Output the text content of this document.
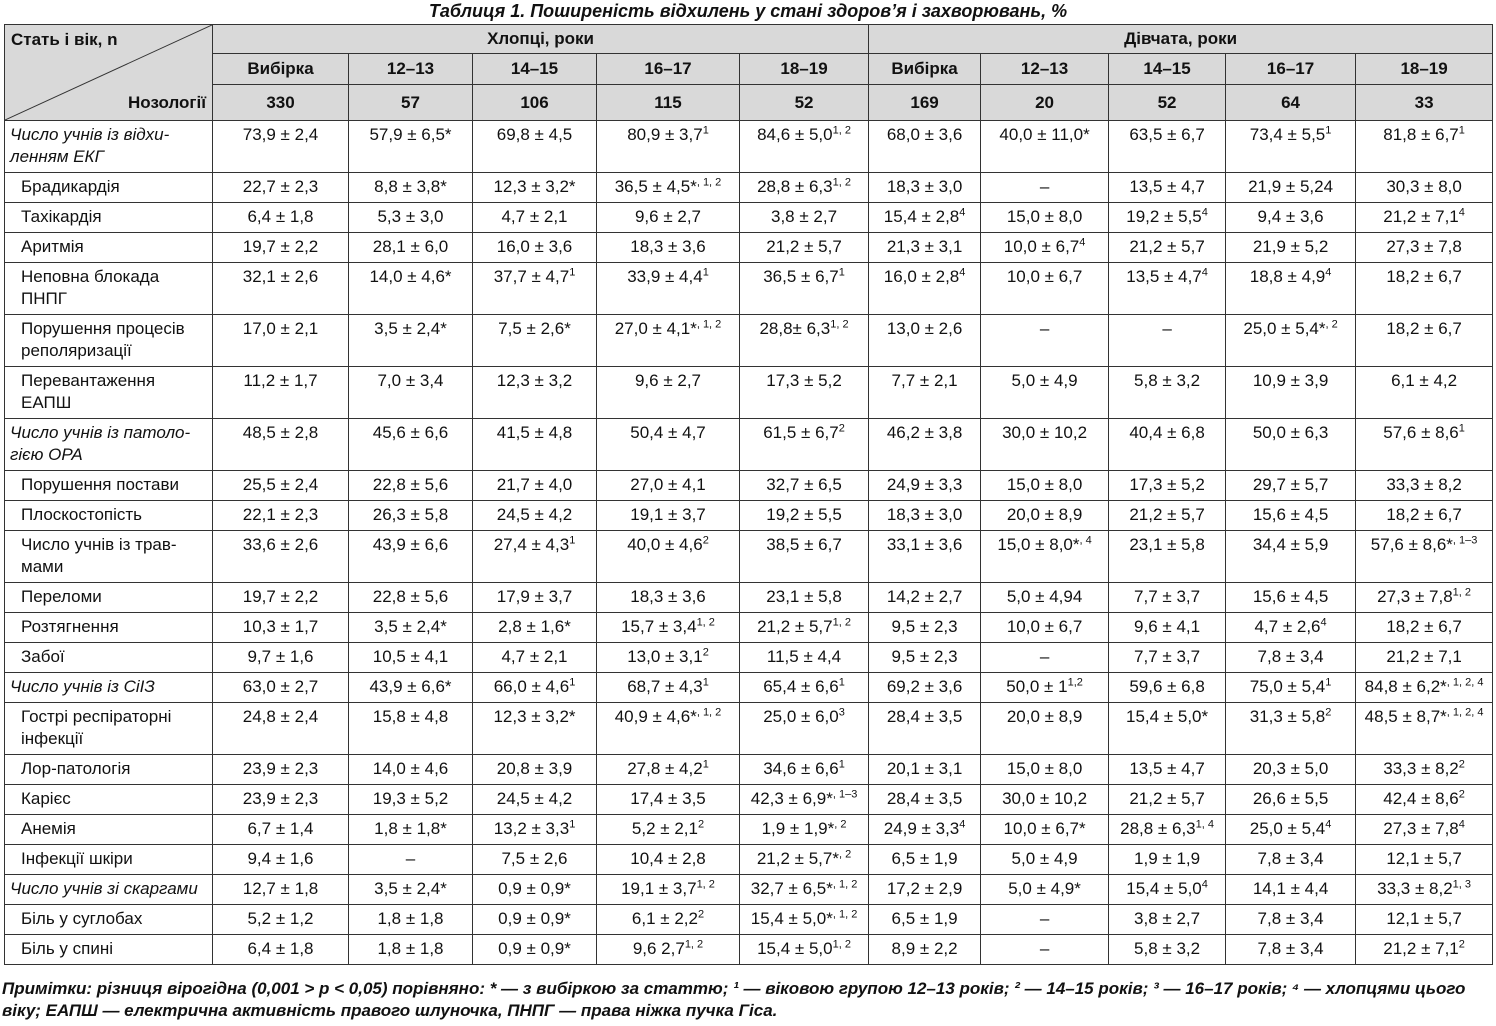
Таблиця 1. Поширеність відхилень у стані здоров’я і захворювань, %
Стать і вік, n
Нозології	Хлопці, роки					Дівчата, роки				
	Вибірка	12–13	14–15	16–17	18–19	Вибірка	12–13	14–15	16–17	18–19
	330	57	106	115	52	169	20	52	64	33
Число учнів із відхи-
ленням ЕКГ	73,9 ± 2,4	57,9 ± 6,5*	69,8 ± 4,5	$80,9 \pm 3,7^1$	$84,6 \pm 5,0^{1, 2}$	68,0 ± 3,6	40,0 ± 11,0*	63,5 ± 6,7	$73,4 \pm 5,5^1$	$81,8 \pm 6,7^1$
Брадикардія	22,7 ± 2,3	8,8 ± 3,8*	12,3 ± 3,2*	36,5 ± 4,5*$^{, 1, 2}$	$28,8 \pm 6,3^{1, 2}$	18,3 ± 3,0	–	13,5 ± 4,7	21,9 ± 5,24	30,3 ± 8,0
Тахікардія	6,4 ± 1,8	5,3 ± 3,0	4,7 ± 2,1	9,6 ± 2,7	3,8 ± 2,7	$15,4 \pm 2,8^4$	15,0 ± 8,0	$19,2 \pm 5,5^4$	9,4 ± 3,6	$21,2 \pm 7,1^4$
Аритмія	19,7 ± 2,2	28,1 ± 6,0	16,0 ± 3,6	18,3 ± 3,6	21,2 ± 5,7	21,3 ± 3,1	$10,0 \pm 6,7^4$	21,2 ± 5,7	21,9 ± 5,2	27,3 ± 7,8
Неповна блокада
ПНПГ	32,1 ± 2,6	14,0 ± 4,6*	$37,7 \pm 4,7^1$	$33,9 \pm 4,4^1$	$36,5 \pm 6,7^1$	$16,0 \pm 2,8^4$	10,0 ± 6,7	$13,5 \pm 4,7^4$	$18,8 \pm 4,9^4$	18,2 ± 6,7
Порушення процесів
реполяризації	17,0 ± 2,1	3,5 ± 2,4*	7,5 ± 2,6*	27,0 ± 4,1*$^{, 1, 2}$	$28,8\pm 6,3^{1, 2}$	13,0 ± 2,6	–	–	25,0 ± 5,4*$^{, 2}$	18,2 ± 6,7
Перевантаження
ЕАПШ	11,2 ± 1,7	7,0 ± 3,4	12,3 ± 3,2	9,6 ± 2,7	17,3 ± 5,2	7,7 ± 2,1	5,0 ± 4,9	5,8 ± 3,2	10,9 ± 3,9	6,1 ± 4,2
Число учнів із патоло-
гією ОРА	48,5 ± 2,8	45,6 ± 6,6	41,5 ± 4,8	50,4 ± 4,7	$61,5 \pm 6,7^2$	46,2 ± 3,8	30,0 ± 10,2	40,4 ± 6,8	50,0 ± 6,3	$57,6 \pm 8,6^1$
Порушення постави	25,5 ± 2,4	22,8 ± 5,6	21,7 ± 4,0	27,0 ± 4,1	32,7 ± 6,5	24,9 ± 3,3	15,0 ± 8,0	17,3 ± 5,2	29,7 ± 5,7	33,3 ± 8,2
Плоскостопість	22,1 ± 2,3	26,3 ± 5,8	24,5 ± 4,2	19,1 ± 3,7	19,2 ± 5,5	18,3 ± 3,0	20,0 ± 8,9	21,2 ± 5,7	15,6 ± 4,5	18,2 ± 6,7
Число учнів із трав-
мами	33,6 ± 2,6	43,9 ± 6,6	$27,4 \pm 4,3^1$	$40,0 \pm 4,6^2$	38,5 ± 6,7	33,1 ± 3,6	15,0 ± 8,0*$^{, 4}$	23,1 ± 5,8	34,4 ± 5,9	57,6 ± 8,6*$^{, 1-3}$
Переломи	19,7 ± 2,2	22,8 ± 5,6	17,9 ± 3,7	18,3 ± 3,6	23,1 ± 5,8	14,2 ± 2,7	5,0 ± 4,94	7,7 ± 3,7	15,6 ± 4,5	$27,3 \pm 7,8^{1, 2}$
Розтягнення	10,3 ± 1,7	3,5 ± 2,4*	2,8 ± 1,6*	$15,7 \pm 3,4^{1, 2}$	$21,2 \pm 5,7^{1, 2}$	9,5 ± 2,3	10,0 ± 6,7	9,6 ± 4,1	$4,7 \pm 2,6^4$	18,2 ± 6,7
Забої	9,7 ± 1,6	10,5 ± 4,1	4,7 ± 2,1	$13,0 \pm 3,1^2$	11,5 ± 4,4	9,5 ± 2,3	–	7,7 ± 3,7	7,8 ± 3,4	21,2 ± 7,1
Число учнів із СіІЗ	63,0 ± 2,7	43,9 ± 6,6*	$66,0 \pm 4,6^1$	$68,7 \pm 4,3^1$	$65,4 \pm 6,6^1$	69,2 ± 3,6	$50,0 \pm 1^{1,2}$	59,6 ± 6,8	$75,0 \pm 5,4^1$	84,8 ± 6,2*$^{, 1, 2, 4}$
Гострі респіраторні
інфекції	24,8 ± 2,4	15,8 ± 4,8	12,3 ± 3,2*	40,9 ± 4,6*$^{, 1, 2}$	$25,0 \pm 6,0^3$	28,4 ± 3,5	20,0 ± 8,9	15,4 ± 5,0*	$31,3 \pm 5,8^2$	48,5 ± 8,7*$^{, 1, 2, 4}$
Лор-патологія	23,9 ± 2,3	14,0 ± 4,6	20,8 ± 3,9	$27,8 \pm 4,2^1$	$34,6 \pm 6,6^1$	20,1 ± 3,1	15,0 ± 8,0	13,5 ± 4,7	20,3 ± 5,0	$33,3 \pm 8,2^2$
Карієс	23,9 ± 2,3	19,3 ± 5,2	24,5 ± 4,2	17,4 ± 3,5	42,3 ± 6,9*$^{, 1-3}$	28,4 ± 3,5	30,0 ± 10,2	21,2 ± 5,7	26,6 ± 5,5	$42,4 \pm 8,6^2$
Анемія	6,7 ± 1,4	1,8 ± 1,8*	$13,2 \pm 3,3^1$	$5,2 \pm 2,1^2$	1,9 ± 1,9*$^{, 2}$	$24,9 \pm 3,3^4$	10,0 ± 6,7*	$28,8 \pm 6,3^{1, 4}$	$25,0 \pm 5,4^4$	$27,3 \pm 7,8^4$
Інфекції шкіри	9,4 ± 1,6	–	7,5 ± 2,6	10,4 ± 2,8	21,2 ± 5,7*$^{, 2}$	6,5 ± 1,9	5,0 ± 4,9	1,9 ± 1,9	7,8 ± 3,4	12,1 ± 5,7
Число учнів зі скаргами	12,7 ± 1,8	3,5 ± 2,4*	0,9 ± 0,9*	$19,1 \pm 3,7^{1, 2}$	32,7 ± 6,5*$^{, 1, 2}$	17,2 ± 2,9	5,0 ± 4,9*	$15,4 \pm 5,0^4$	14,1 ± 4,4	$33,3 \pm 8,2^{1, 3}$
Біль у суглобах	5,2 ± 1,2	1,8 ± 1,8	0,9 ± 0,9*	$6,1 \pm 2,2^2$	15,4 ± 5,0*$^{, 1, 2}$	6,5 ± 1,9	–	3,8 ± 2,7	7,8 ± 3,4	12,1 ± 5,7
Біль у спині	6,4 ± 1,8	1,8 ± 1,8	0,9 ± 0,9*	9,6 2,7$^{1, 2}$	$15,4 \pm 5,0^{1, 2}$	8,9 ± 2,2	–	5,8 ± 3,2	7,8 ± 3,4	$21,2 \pm 7,1^2$
Примітки: різниця вірогідна (0,001 > p < 0,05) порівняно: * — з вибіркою за статтю; ¹ — віковою групою 12–13 років; ² — 14–15 років; ³ — 16–17 років; ⁴ — хлопцями цього віку; ЕАПШ — електрична активність правого шлуночка, ПНПГ — права ніжка пучка Гіса.
